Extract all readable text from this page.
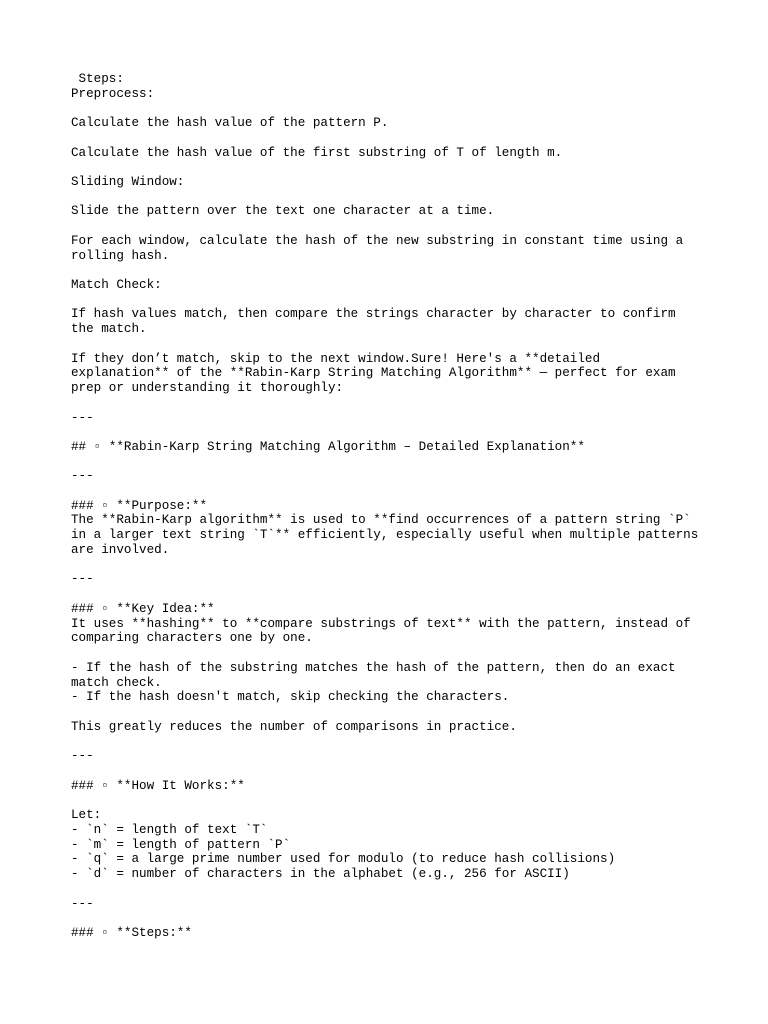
Steps:
Preprocess:
Calculate the hash value of the pattern P.
Calculate the hash value of the first substring of T of length m.
Sliding Window:
Slide the pattern over the text one character at a time.
For each window, calculate the hash of the new substring in constant time using a
rolling hash.
Match Check:
If hash values match, then compare the strings character by character to confirm
the match.
If they don’t match, skip to the next window.Sure! Here's a **detailed
explanation** of the **Rabin-Karp String Matching Algorithm** — perfect for exam
prep or understanding it thoroughly:
---
## ▫ **Rabin-Karp String Matching Algorithm – Detailed Explanation**
---
### ▫ **Purpose:**
The **Rabin-Karp algorithm** is used to **find occurrences of a pattern string `P`
in a larger text string `T`** efficiently, especially useful when multiple patterns
are involved.
---
### ▫ **Key Idea:**
It uses **hashing** to **compare substrings of text** with the pattern, instead of
comparing characters one by one.
- If the hash of the substring matches the hash of the pattern, then do an exact
match check.
- If the hash doesn't match, skip checking the characters.
This greatly reduces the number of comparisons in practice.
---
### ▫ **How It Works:**
Let:
- `n` = length of text `T`
- `m` = length of pattern `P`
- `q` = a large prime number used for modulo (to reduce hash collisions)
- `d` = number of characters in the alphabet (e.g., 256 for ASCII)
---
### ▫ **Steps:**
